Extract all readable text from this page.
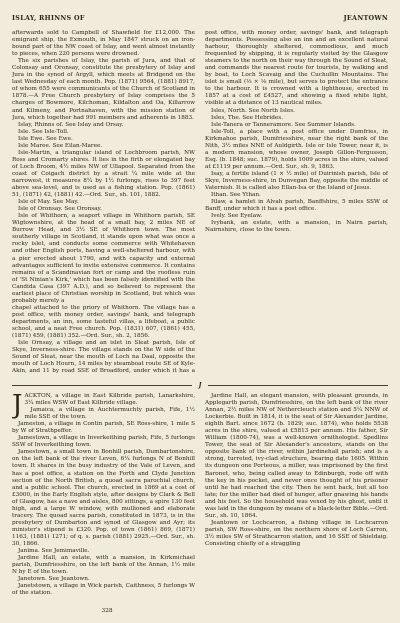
ISLAY, RHINNS OF	JEANTOWN

afterwards sold to Campbell of Shawfield for £12,000. The emigrant ship, the Exmouth, in May 1847 struck on an iron-bound part of the NW coast of Islay, and went almost instantly to pieces, when 220 persons were drowned.

The six parishes of Islay, the parish of Jura, and that of Colonsay and Oronsay, constitute the presbytery of Islay and Jura in the synod of Argyll, which meets at Bridgend on the last Wednesday of each month. Pop. (1871) 9564, (1881) 8917, of whom 655 were communicants of the Church of Scotland in 1878.—A Free Church presbytery of Islay comprises the 5 charges of Bowmore, Kilchoman, Kildalton and Oa, Killarrow and Kilmeny, and Portnahaven, with the mission station of Jura, which together had 991 members and adherents in 1883.

Islay, Rhinns of. See Islay and Orsay.

Isle. See Isle-Toll.

Isle Ewe. See Ewe.

Isle Maree. See Eilan-Maree.

Isle-Martin, a triangular island of Lochbroom parish, NW Ross and Cromarty shires. It lies in the firth or elongated bay of Loch Broom, 4½ miles NW of Ullapool. Separated from the coast of Coigach district by a strait ¼ mile wide at the narrowest, it measures 8¼ by 1½ furlongs, rises to 397 feet above sea-level, and is used as a fishing station. Pop. (1861) 51, (1871) 42, (1881) 42.—Ord. Sur., sh. 101, 1882.

Isle of May. See May.

Isle of Oronsay. See Oronsay.

Isle of Whithorn, a seaport village in Whithorn parish, SE Wigtownshire, at the head of a small bay, 2 miles NE of Burrow Head, and 3½ SE of Whithorn town. The most southerly village in Scotland, it stands upon what was once a rocky islet, and conducts some commerce with Whitehaven and other English ports, having a well-sheltered harbour, with a pier erected about 1790, and with capacity and external advantages sufficient to invite extensive commerce. It contains remains of a Scandinavian fort or camp and the roofless ruin of 'St Ninian's Kirk,' which has been falsely identified with the Candida Casa (397 A.D.), and so believed to represent the earliest place of Christian worship in Scotland, but which was probably merely a

chapel attached to the priory of Whithorn. The village has a post office, with money order, savings' bank, and telegraph departments, an inn, some tasteful villas, a lifeboat, a public school, and a neat Free church. Pop. (1831) 607, (1861) 455, (1871) 459, (1881) 352.—Ord. Sur., sh. 2, 1856.

Isle Ornsay, a village and an islet in Sleat parish, Isle of Skye, Inverness-shire. The village stands on the W side of the Sound of Sleat, near the mouth of Loch na Daal, opposite the mouth of Loch Hourn, 14 miles by steamboat route SE of Kyle-Akin, and 11 by road SSE of Broadford, under which it has a post office, with money order, savings' bank, and telegraph departments. Possessing also an inn and an excellent natural harbour, thoroughly sheltered, commodious, and much frequented by shipping, it is regularly visited by the Glasgow steamers to the north on their way through the Sound of Sleat, and commands the nearest route for tourists, by walking and by boat, to Loch Scavaig and the Cuchullin Mountains. The islet is small (⅓ × ⅛ mile), but serves to protect the entrance to the harbour. It is crowned with a lighthouse, erected in 1857 at a cost of £4527, and showing a fixed white light, visible at a distance of 13 nautical miles.

Isles, North. See North Isles.

Isles, The. See Hebrides.

Isle-Tanera or Tanneramore. See Summer Islands.

Isle-Toll, a place with a post office under Dumfries, in Kirkmahoe parish, Dumfriesshire, near the right bank of the Nith, 3½ miles NNE of Auldgirth. Isle or Isle Tower, near it, is a modern mansion, whose owner, Joseph Gillon-Fergusson, Esq. (b. 1848; suc. 1879), holds 1009 acres in the shire, valued at £1119 per annum.—Ord. Sur., sh. 9, 1863.

Isay, a fertile island (1 × ½ mile) of Duirinish parish, Isle of Skye, Inverness-shire, in Dunvegan Bay, opposite the middle of Vaternish. It is called also Ellan-Isa or the Island of Jesus.

Ithan. See Ythan.

Itlaw, a hamlet in Alvah parish, Banffshire, 5 miles SSW of Banff, under which it has a post office.

Ively. See Eyelaw.

Ivybank, an estate, with a mansion, in Nairn parish, Nairnshire, close to the town.

J

JACKTON, a village in East Kilbride parish, Lanarkshire, 3¼ miles WSW of East Kilbride village.

Jamaica, a village in Auchtermuchty parish, Fife, 1½ mile SSE of the town.

Jameston, a village in Contin parish, SE Ross-shire, 1 mile S by W of Strathpeffer.

Jamestown, a village in Inverkeithing parish, Fife, 5 furlongs SSW of Inverkeithing town.

Jamestown, a small town in Bonhill parish, Dumbartonshire, on the left bank of the river Leven, 6¼ furlongs N of Bonhill town. It shares in the busy industry of the Vale of Leven, and has a post office, a station on the Forth and Clyde Junction section of the North British, a quoad sacra parochial church, and a public school. The church, erected in 1869 at a cost of £3000, in the Early English style, after designs by Clark & Bell of Glasgow, has a nave and aisles, 800 sittings, a spire 130 feet high, and a large W window, with mullioned and elaborate tracery. The quoad sacra parish, constituted in 1873, is in the presbytery of Dumbarton and synod of Glasgow and Ayr; its minister's stipend is £320. Pop. of town (1861) 869, (1871) 1163, (1881) 1271; of q. s. parish (1881) 2925.—Ord. Sur., sh. 30, 1866.

Janima. See Jemimaville.

Jardine Hall, an estate, with a mansion, in Kirkmichael parish, Dumfriesshire, on the left bank of the Annan, 1½ mile N by E of the town.

Janetown. See Jeantown.

Janetstown, a village in Wick parish, Caithness, 5 furlongs W of the station.

Jardine Hall, an elegant mansion, with pleasant grounds, in Applegarth parish, Dumfriesshire, on the left bank of the river Annan, 2½ miles NW of Nethercleuch station and 5¼ NNW of Lockerbie. Built in 1814, it is the seat of Sir Alexander Jardine, eighth Bart. since 1672 (b. 1829; suc. 1874), who holds 5538 acres in the shire, valued at £5813 per annum. His father, Sir William (1800-74), was a well-known ornithologist. Spedlins Tower, the seat of Sir Alexander's ancestors, stands on the opposite bank of the river, within Jardinehall parish; and is a strong, turreted, ivy-clad structure, bearing date 1605. Within its dungeon one Porteous, a miller, was imprisoned by the first Baronet, who, being called away to Edinburgh, rode off with the key in his pocket, and never once thought of his prisoner until he had reached the city. Then he sent back, but all too late; for the miller had died of hunger, after gnawing his hands and his feet. So the household was vexed by his ghost, until it was laid in the dungeon by means of a black-letter Bible.—Ord. Sur., sh. 10, 1864.

Jeantown or Lochcarron, a fishing village in Lochcarron parish, SW Ross-shire, on the northern shore of Loch Carron, 3½ miles SW of Strathcarron station, and 16 SSE of Shieldaig. Consisting chiefly of a straggling

328
